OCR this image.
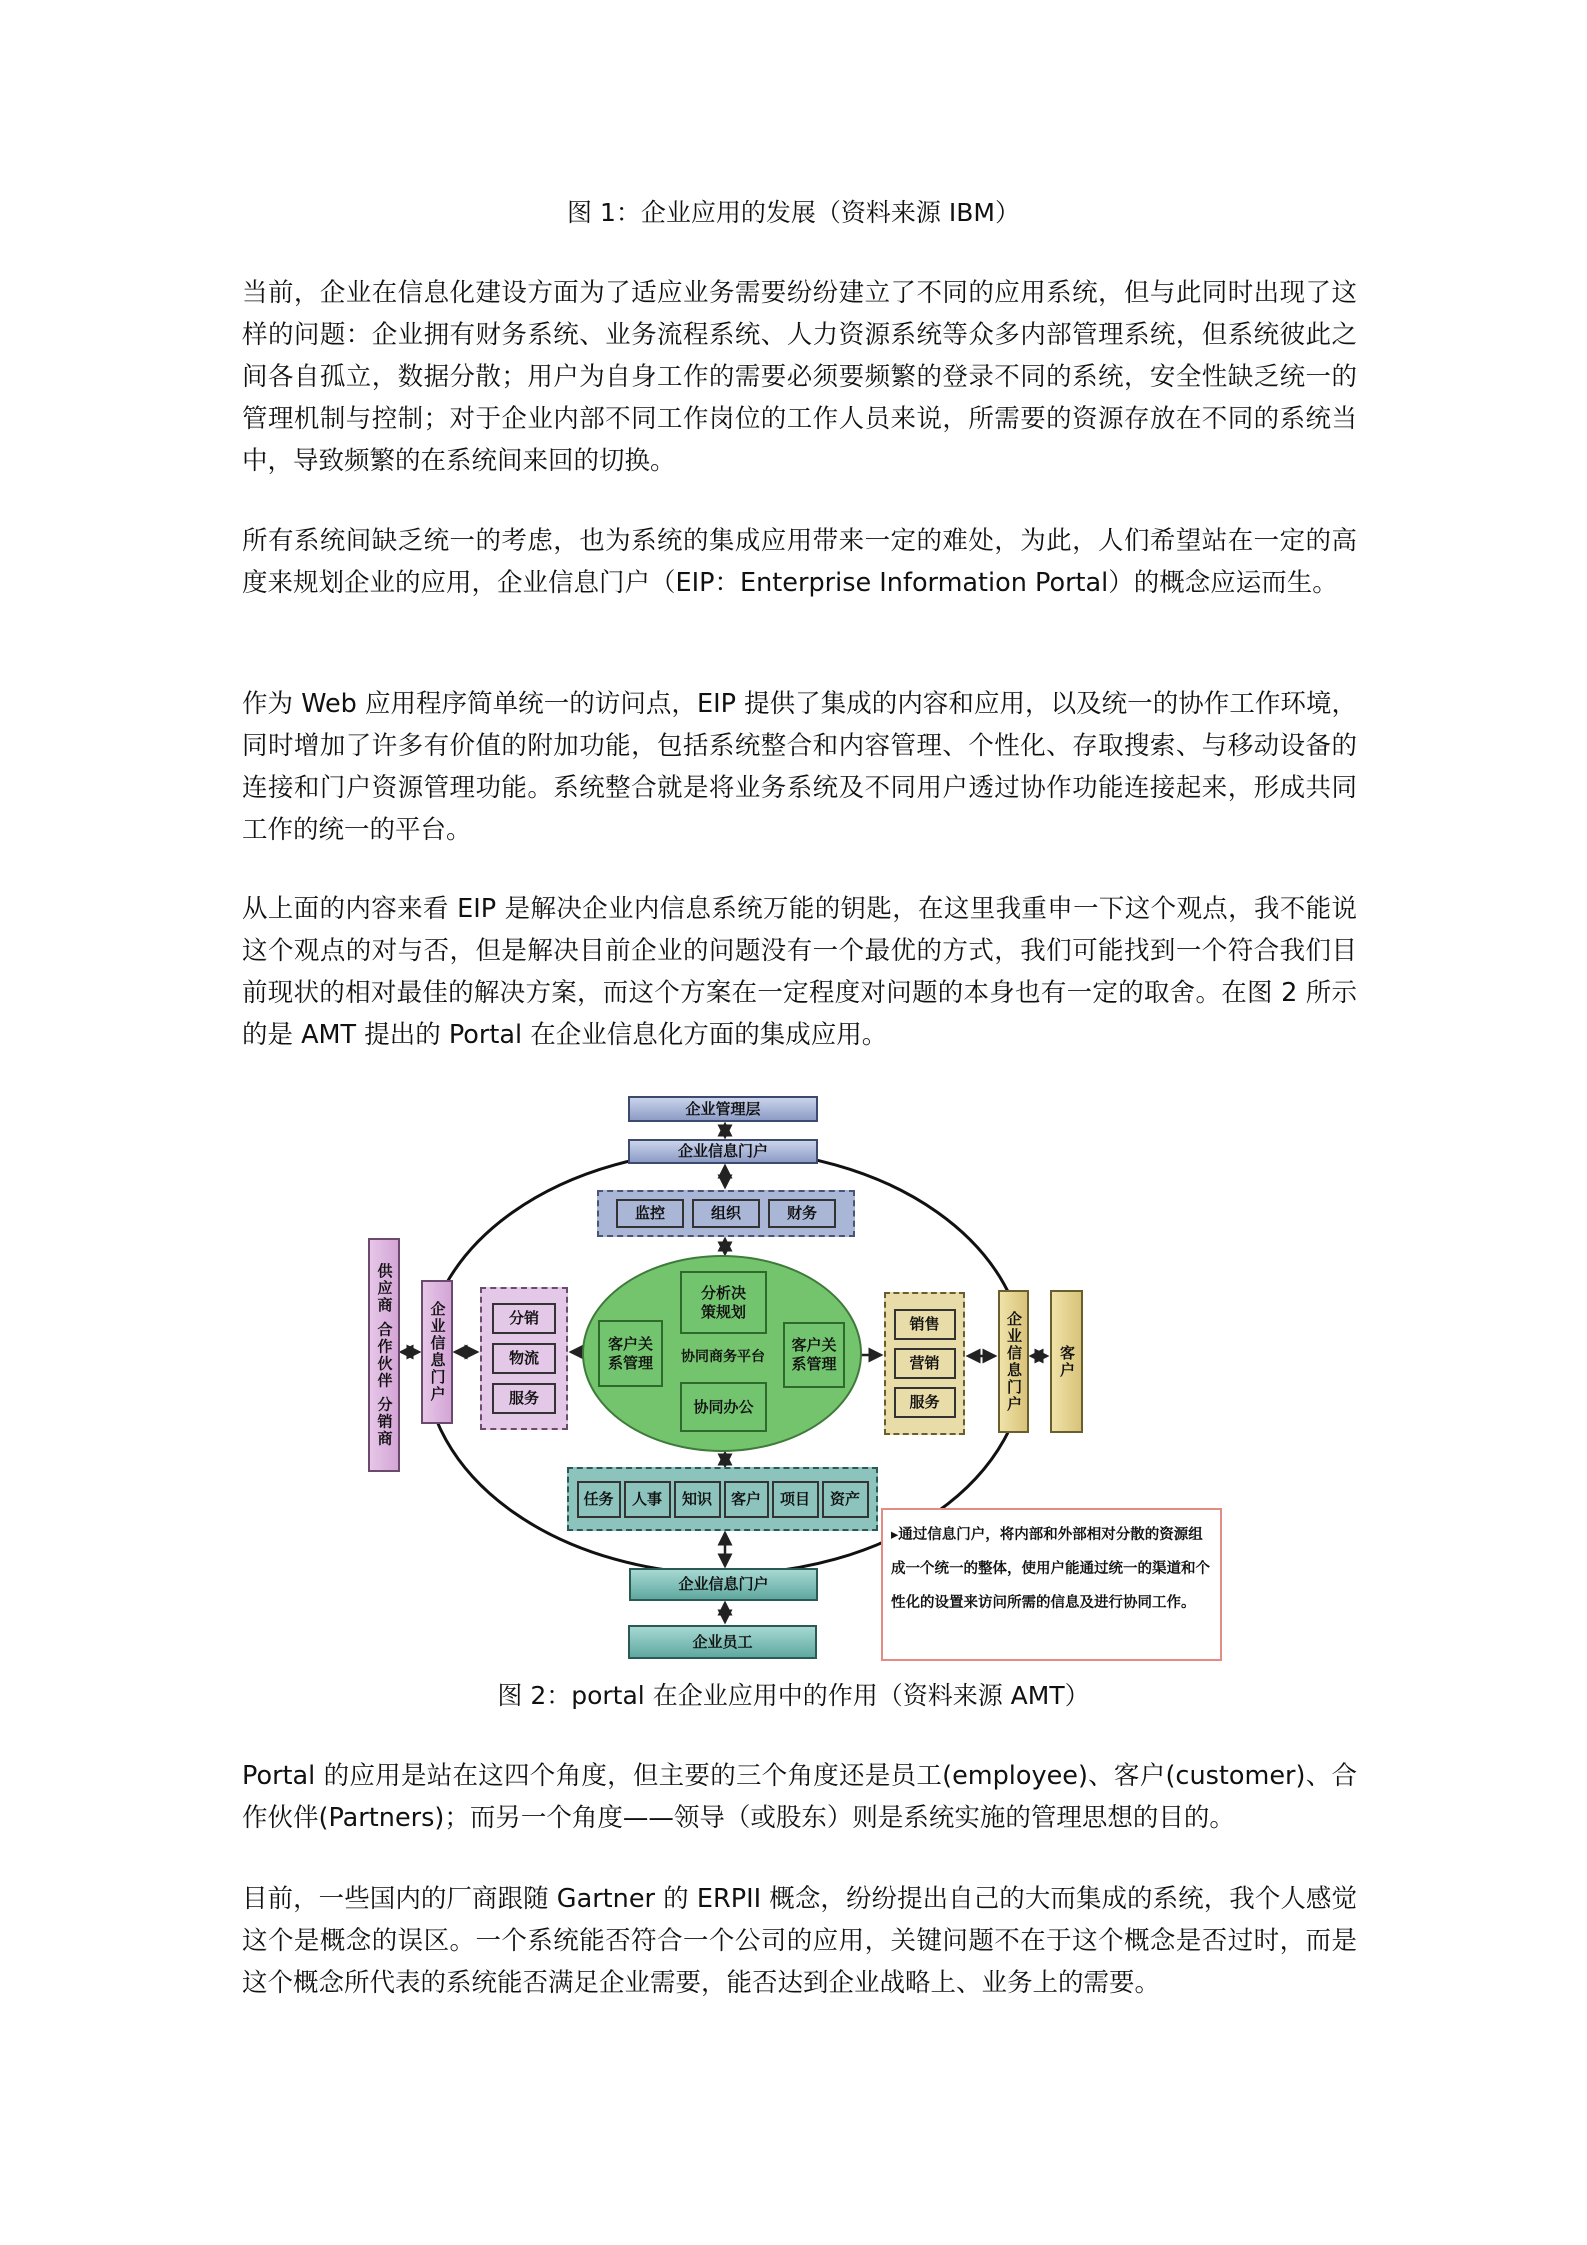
图 1：企业应用的发展（资料来源 IBM）

当前，企业在信息化建设方面为了适应业务需要纷纷建立了不同的应用系统，但与此同时出现了这样的问题：企业拥有财务系统、业务流程系统、人力资源系统等众多内部管理系统，但系统彼此之间各自孤立，数据分散；用户为自身工作的需要必须要频繁的登录不同的系统，安全性缺乏统一的管理机制与控制；对于企业内部不同工作岗位的工作人员来说，所需要的资源存放在不同的系统当中，导致频繁的在系统间来回的切换。

所有系统间缺乏统一的考虑，也为系统的集成应用带来一定的难处，为此，人们希望站在一定的高度来规划企业的应用，企业信息门户（EIP：Enterprise Information Portal）的概念应运而生。

作为 Web 应用程序简单统一的访问点，EIP 提供了集成的内容和应用，以及统一的协作工作环境，同时增加了许多有价值的附加功能，包括系统整合和内容管理、个性化、存取搜索、与移动设备的连接和门户资源管理功能。系统整合就是将业务系统及不同用户透过协作功能连接起来，形成共同工作的统一的平台。

从上面的内容来看 EIP 是解决企业内信息系统万能的钥匙，在这里我重申一下这个观点，我不能说这个观点的对与否，但是解决目前企业的问题没有一个最优的方式，我们可能找到一个符合我们目前现状的相对最佳的解决方案，而这个方案在一定程度对问题的本身也有一定的取舍。在图 2 所示的是 AMT 提出的 Portal 在企业信息化方面的集成应用。

企业管理层
企业信息门户
监控	组织	财务
分析决策规划
客户关系管理
客户关系管理
协同商务平台
协同办公
分销
物流
服务
企业信息门户
供应商 合作伙伴 分销商	销售
营销
服务	企业信息门户	客户
任务	人事	知识	客户	项目	资产
企业信息门户
企业员工
▸通过信息门户，将内部和外部相对分散的资源组成一个统一的整体，使用户能通过统一的渠道和个性化的设置来访问所需的信息及进行协同工作。
图 2：portal 在企业应用中的作用（资料来源 AMT）

Portal 的应用是站在这四个角度，但主要的三个角度还是员工(employee)、客户(customer)、合作伙伴(Partners)；而另一个角度——领导（或股东）则是系统实施的管理思想的目的。

目前，一些国内的厂商跟随 Gartner 的 ERPII 概念，纷纷提出自己的大而集成的系统，我个人感觉这个是概念的误区。一个系统能否符合一个公司的应用，关键问题不在于这个概念是否过时，而是这个概念所代表的系统能否满足企业需要，能否达到企业战略上、业务上的需要。
